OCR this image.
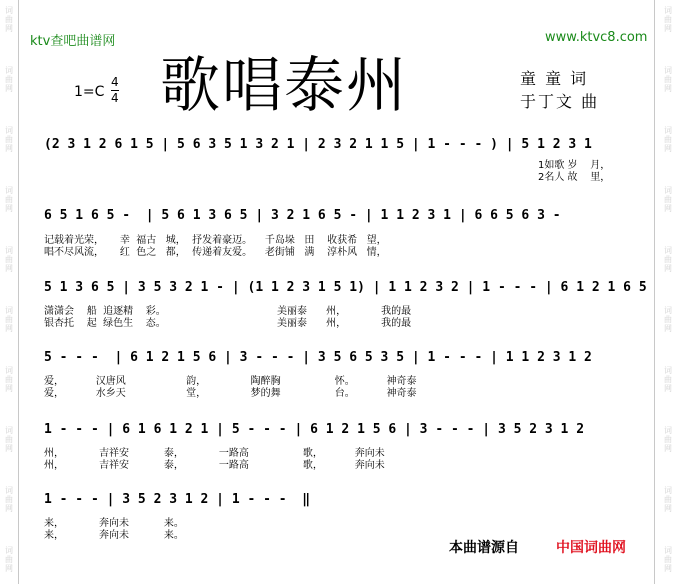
词曲网
词曲网
词曲网
词曲网
词曲网
词曲网
词曲网
词曲网
词曲网
词曲网
词曲网
词曲网
词曲网
词曲网
词曲网
词曲网
词曲网
词曲网
词曲网
词曲网
ktv查吧曲谱网	www.ktvc8.com
歌唱泰州
1=C
4
4
童 童 词
于丁文 曲
(2 3 1 2 6 1 5 | 5 6 3 5 1 3 2 1 | 2 3 2 1 1 5 | 1 - - - ) | 5 1 2 3 1
1如歌 岁    月，
2名人 故    里，
6 5 1 6 5 -  | 5 6 1 3 6 5 | 3 2 1 6 5 - | 1 1 2 3 1 | 6 6 5 6 3 -
记载着光荣，     幸  福古   城，  抒发着豪迈。    千岛垛   田    收获希   望，
唱不尽风流，     红  色之   都，  传递着友爱。    老街铺   满    淳朴风   情，
5 1 3 6 5 | 3 5 3 2 1 - | (1 1 2 3 1 5 1) | 1 1 2 3 2 | 1 - - - | 6 1 2 1 6 5
潇潇会    船  追逐精    彩。                                   美丽泰      州，           我的最
银杏托    起  绿色生    态。                                   美丽泰      州，           我的最
5 - - -  | 6 1 2 1 5 6 | 3 - - - | 3 5 6 5 3 5 | 1 - - - | 1 1 2 3 1 2
爱，          汉唐风                   韵，              陶醉胸                 怀。          神奇泰
爱，          水乡天                   堂，              梦的舞                 台。          神奇泰
1 - - - | 6 1 6 1 2 1 | 5 - - - | 6 1 2 1 5 6 | 3 - - - | 3 5 2 3 1 2
州，           吉祥安           泰，           一路高                 歌，          奔向未
州，           吉祥安           泰，           一路高                 歌，          奔向未
1 - - - | 3 5 2 3 1 2 | 1 - - -  ‖
来，           奔向未           来。
来，           奔向未           来。
本曲谱源自	中国词曲网
